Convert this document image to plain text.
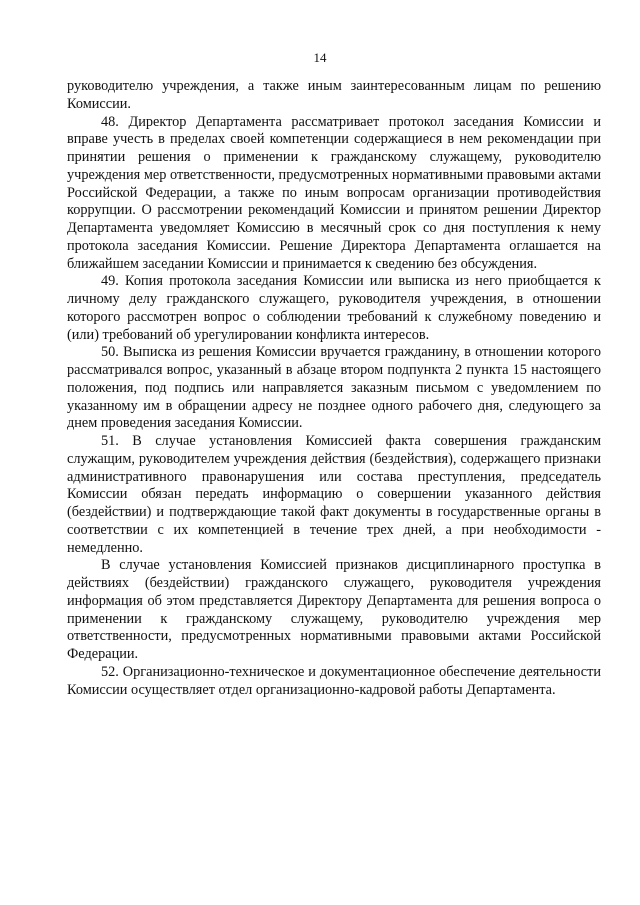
14

руководителю учреждения, а также иным заинтересованным лицам по решению Комиссии.

48. Директор Департамента рассматривает протокол заседания Комиссии и вправе учесть в пределах своей компетенции содержащиеся в нем рекомендации при принятии решения о применении к гражданскому служащему, руководителю учреждения мер ответственности, предусмотренных нормативными правовыми актами Российской Федерации, а также по иным вопросам организации противодействия коррупции. О рассмотрении рекомендаций Комиссии и принятом решении Директор Департамента уведомляет Комиссию в месячный срок со дня поступления к нему протокола заседания Комиссии. Решение Директора Департамента оглашается на ближайшем заседании Комиссии и принимается к сведению без обсуждения.

49. Копия протокола заседания Комиссии или выписка из него приобщается к личному делу гражданского служащего, руководителя учреждения, в отношении которого рассмотрен вопрос о соблюдении требований к служебному поведению и (или) требований об урегулировании конфликта интересов.

50. Выписка из решения Комиссии вручается гражданину, в отношении которого рассматривался вопрос, указанный в абзаце втором подпункта 2 пункта 15 настоящего положения, под подпись или направляется заказным письмом с уведомлением по указанному им в обращении адресу не позднее одного рабочего дня, следующего за днем проведения заседания Комиссии.

51. В случае установления Комиссией факта совершения гражданским служащим, руководителем учреждения действия (бездействия), содержащего признаки административного правонарушения или состава преступления, председатель Комиссии обязан передать информацию о совершении указанного действия (бездействии) и подтверждающие такой факт документы в государственные органы в соответствии с их компетенцией в течение трех дней, а при необходимости - немедленно.

В случае установления Комиссией признаков дисциплинарного проступка в действиях (бездействии) гражданского служащего, руководителя учреждения информация об этом представляется Директору Департамента для решения вопроса о применении к гражданскому служащему, руководителю учреждения мер ответственности, предусмотренных нормативными правовыми актами Российской Федерации.

52. Организационно-техническое и документационное обеспечение деятельности Комиссии осуществляет отдел организационно-кадровой работы Департамента.
